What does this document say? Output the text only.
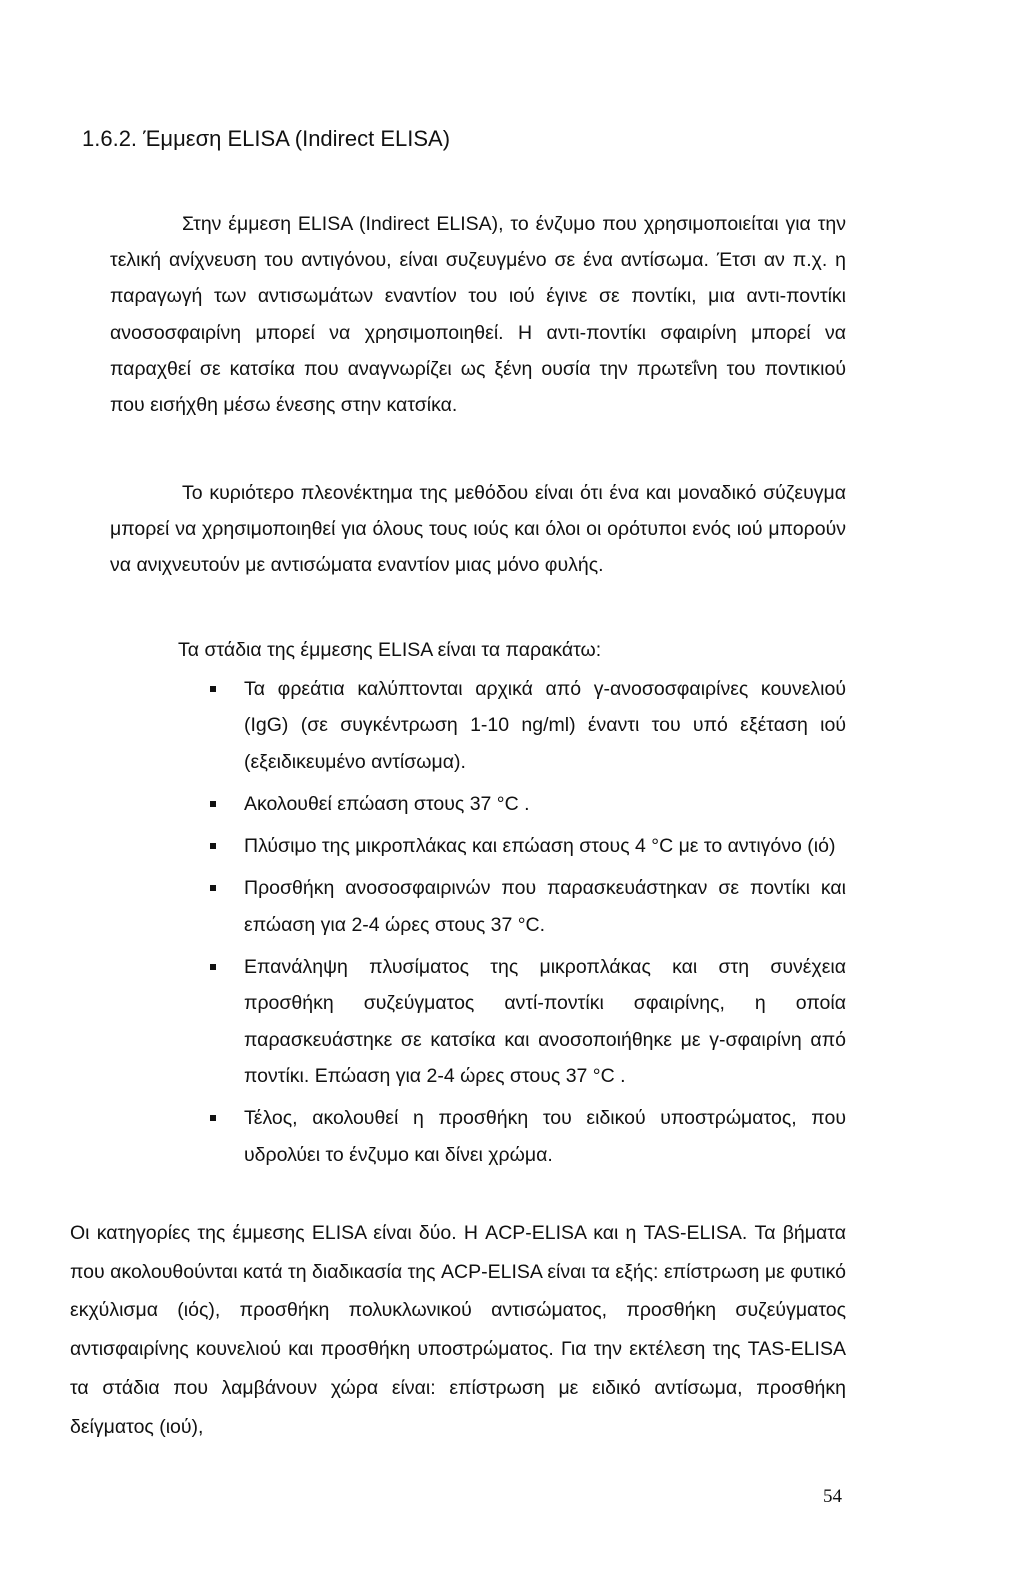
1.6.2. Έμμεση ELISA (Indirect ELISA)

Στην έμμεση ELISA (Indirect ELISA), το ένζυμο που χρησιμοποιείται για την τελική ανίχνευση του αντιγόνου, είναι συζευγμένο σε ένα αντίσωμα. Έτσι αν π.χ. η παραγωγή των αντισωμάτων εναντίον του ιού έγινε σε ποντίκι, μια αντι-ποντίκι ανοσοσφαιρίνη μπορεί να χρησιμοποιηθεί. Η αντι-ποντίκι σφαιρίνη μπορεί να παραχθεί σε κατσίκα που αναγνωρίζει ως ξένη ουσία την πρωτεΐνη του ποντικιού που εισήχθη μέσω ένεσης στην κατσίκα.

Το κυριότερο πλεονέκτημα της μεθόδου είναι ότι ένα και μοναδικό σύζευγμα μπορεί να χρησιμοποιηθεί για όλους τους ιούς και όλοι οι ορότυποι ενός ιού μπορούν να ανιχνευτούν με αντισώματα εναντίον μιας μόνο φυλής.

Τα στάδια της έμμεσης ELISA είναι τα παρακάτω:
Τα φρεάτια καλύπτονται αρχικά από γ-ανοσοσφαιρίνες κουνελιού (IgG) (σε συγκέντρωση 1-10 ng/ml) έναντι του υπό εξέταση ιού (εξειδικευμένο αντίσωμα).
Ακολουθεί επώαση στους 37 °C .
Πλύσιμο της μικροπλάκας και επώαση στους 4 °C με το αντιγόνο (ιό)
Προσθήκη ανοσοσφαιρινών που παρασκευάστηκαν σε ποντίκι και επώαση για 2-4 ώρες στους 37 °C.
Επανάληψη πλυσίματος της μικροπλάκας και στη συνέχεια προσθήκη συζεύγματος αντί-ποντίκι σφαιρίνης, η οποία παρασκευάστηκε σε κατσίκα και ανοσοποιήθηκε με γ-σφαιρίνη από ποντίκι. Επώαση για 2-4 ώρες στους 37 °C .
Τέλος, ακολουθεί η προσθήκη του ειδικού υποστρώματος, που υδρολύει το ένζυμο και δίνει χρώμα.

Οι κατηγορίες της έμμεσης ELISA είναι δύο. Η ACP-ELISA και η TAS-ELISA. Τα βήματα που ακολουθούνται κατά τη διαδικασία της ACP-ELISA είναι τα εξής: επίστρωση με φυτικό εκχύλισμα (ιός), προσθήκη πολυκλωνικού αντισώματος, προσθήκη συζεύγματος αντισφαιρίνης κουνελιού και προσθήκη υποστρώματος. Για την εκτέλεση της TAS-ELISA τα στάδια που λαμβάνουν χώρα είναι: επίστρωση με ειδικό αντίσωμα, προσθήκη δείγματος (ιού),

54
